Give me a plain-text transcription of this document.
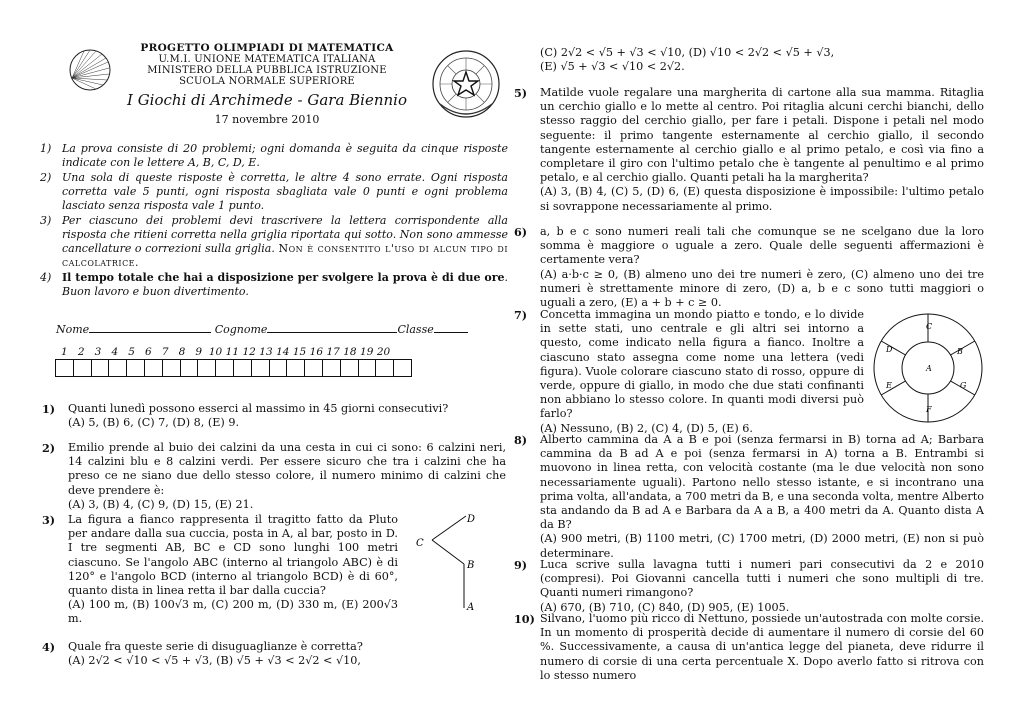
PROGETTO OLIMPIADI DI MATEMATICA
U.M.I. UNIONE MATEMATICA ITALIANA
MINISTERO DELLA PUBBLICA ISTRUZIONE
SCUOLA NORMALE SUPERIORE
I Giochi di Archimede - Gara Biennio
17 novembre 2010
1) La prova consiste di 20 problemi; ogni domanda è seguita da cinque risposte indicate con le lettere A, B, C, D, E.
2) Una sola di queste risposte è corretta, le altre 4 sono errate. Ogni risposta corretta vale 5 punti, ogni risposta sbagliata vale 0 punti e ogni problema lasciato senza risposta vale 1 punto.
3) Per ciascuno dei problemi devi trascrivere la lettera corrispondente alla risposta che ritieni corretta nella griglia riportata qui sotto. Non sono ammesse cancellature o correzioni sulla griglia. Non è consentito l'uso di alcun tipo di calcolatrice.
4) Il tempo totale che hai a disposizione per svolgere la prova è di due ore. Buon lavoro e buon divertimento.
Nome	Cognome	Classe
1 2 3 4 5 6 7 8 9 10 11 12 13 14 15 16 17 18 19 20
1)	Quanti lunedì possono esserci al massimo in 45 giorni consecutivi?
(A) 5, (B) 6, (C) 7, (D) 8, (E) 9.
2)	Emilio prende al buio dei calzini da una cesta in cui ci sono: 6 calzini neri, 14 calzini blu e 8 calzini verdi. Per essere sicuro che tra i calzini che ha preso ce ne siano due dello stesso colore, il numero minimo di calzini che deve prendere è:
(A) 3, (B) 4, (C) 9, (D) 15, (E) 21.
3)	La figura a fianco rappresenta il tragitto fatto da Pluto per andare dalla sua cuccia, posta in A, al bar, posto in D. I tre segmenti AB, BC e CD sono lunghi 100 metri ciascuno. Se l'angolo ABC (interno al triangolo ABC) è di 120° e l'angolo BCD (interno al triangolo BCD) è di 60°, quanto dista in linea retta il bar dalla cuccia?
(A) 100 m, (B) 100√3 m, (C) 200 m, (D) 330 m, (E) 200√3 m.
D
C
B
A
4)	Quale fra queste serie di disuguaglianze è corretta?
(A) 2√2 < √10 < √5 + √3, (B) √5 + √3 < 2√2 < √10,
(C) 2√2 < √5 + √3 < √10, (D) √10 < 2√2 < √5 + √3,
(E) √5 + √3 < √10 < 2√2.
5)	Matilde vuole regalare una margherita di cartone alla sua mamma. Ritaglia un cerchio giallo e lo mette al centro. Poi ritaglia alcuni cerchi bianchi, dello stesso raggio del cerchio giallo, per fare i petali. Dispone i petali nel modo seguente: il primo tangente esternamente al cerchio giallo, il secondo tangente esternamente al cerchio giallo e al primo petalo, e così via fino a completare il giro con l'ultimo petalo che è tangente al penultimo e al primo petalo, e al cerchio giallo. Quanti petali ha la margherita?
(A) 3, (B) 4, (C) 5, (D) 6, (E) questa disposizione è impossibile: l'ultimo petalo si sovrappone necessariamente al primo.
6)	a, b e c sono numeri reali tali che comunque se ne scelgano due la loro somma è maggiore o uguale a zero. Quale delle seguenti affermazioni è certamente vera?
(A) a·b·c ≥ 0, (B) almeno uno dei tre numeri è zero, (C) almeno uno dei tre numeri è strettamente minore di zero, (D) a, b e c sono tutti maggiori o uguali a zero, (E) a + b + c ≥ 0.
7)	Concetta immagina un mondo piatto e tondo, e lo divide in sette stati, uno centrale e gli altri sei intorno a questo, come indicato nella figura a fianco. Inoltre a ciascuno stato assegna come nome una lettera (vedi figura). Vuole colorare ciascuno stato di rosso, oppure di verde, oppure di giallo, in modo che due stati confinanti non abbiano lo stesso colore. In quanti modi diversi può farlo?
(A) Nessuno, (B) 2, (C) 4, (D) 5, (E) 6.
A
B
C
D
E
F
G
8)	Alberto cammina da A a B e poi (senza fermarsi in B) torna ad A; Barbara cammina da B ad A e poi (senza fermarsi in A) torna a B. Entrambi si muovono in linea retta, con velocità costante (ma le due velocità non sono necessariamente uguali). Partono nello stesso istante, e si incontrano una prima volta, all'andata, a 700 metri da B, e una seconda volta, mentre Alberto sta andando da B ad A e Barbara da A a B, a 400 metri da A. Quanto dista A da B?
(A) 900 metri, (B) 1100 metri, (C) 1700 metri, (D) 2000 metri, (E) non si può determinare.
9)	Luca scrive sulla lavagna tutti i numeri pari consecutivi da 2 e 2010 (compresi). Poi Giovanni cancella tutti i numeri che sono multipli di tre. Quanti numeri rimangono?
(A) 670, (B) 710, (C) 840, (D) 905, (E) 1005.
10) Silvano, l'uomo più ricco di Nettuno, possiede un'autostrada con molte corsie. In un momento di prosperità decide di aumentare il numero di corsie del 60 %. Successivamente, a causa di un'antica legge del pianeta, deve ridurre il numero di corsie di una certa percentuale X. Dopo averlo fatto si ritrova con lo stesso numero
